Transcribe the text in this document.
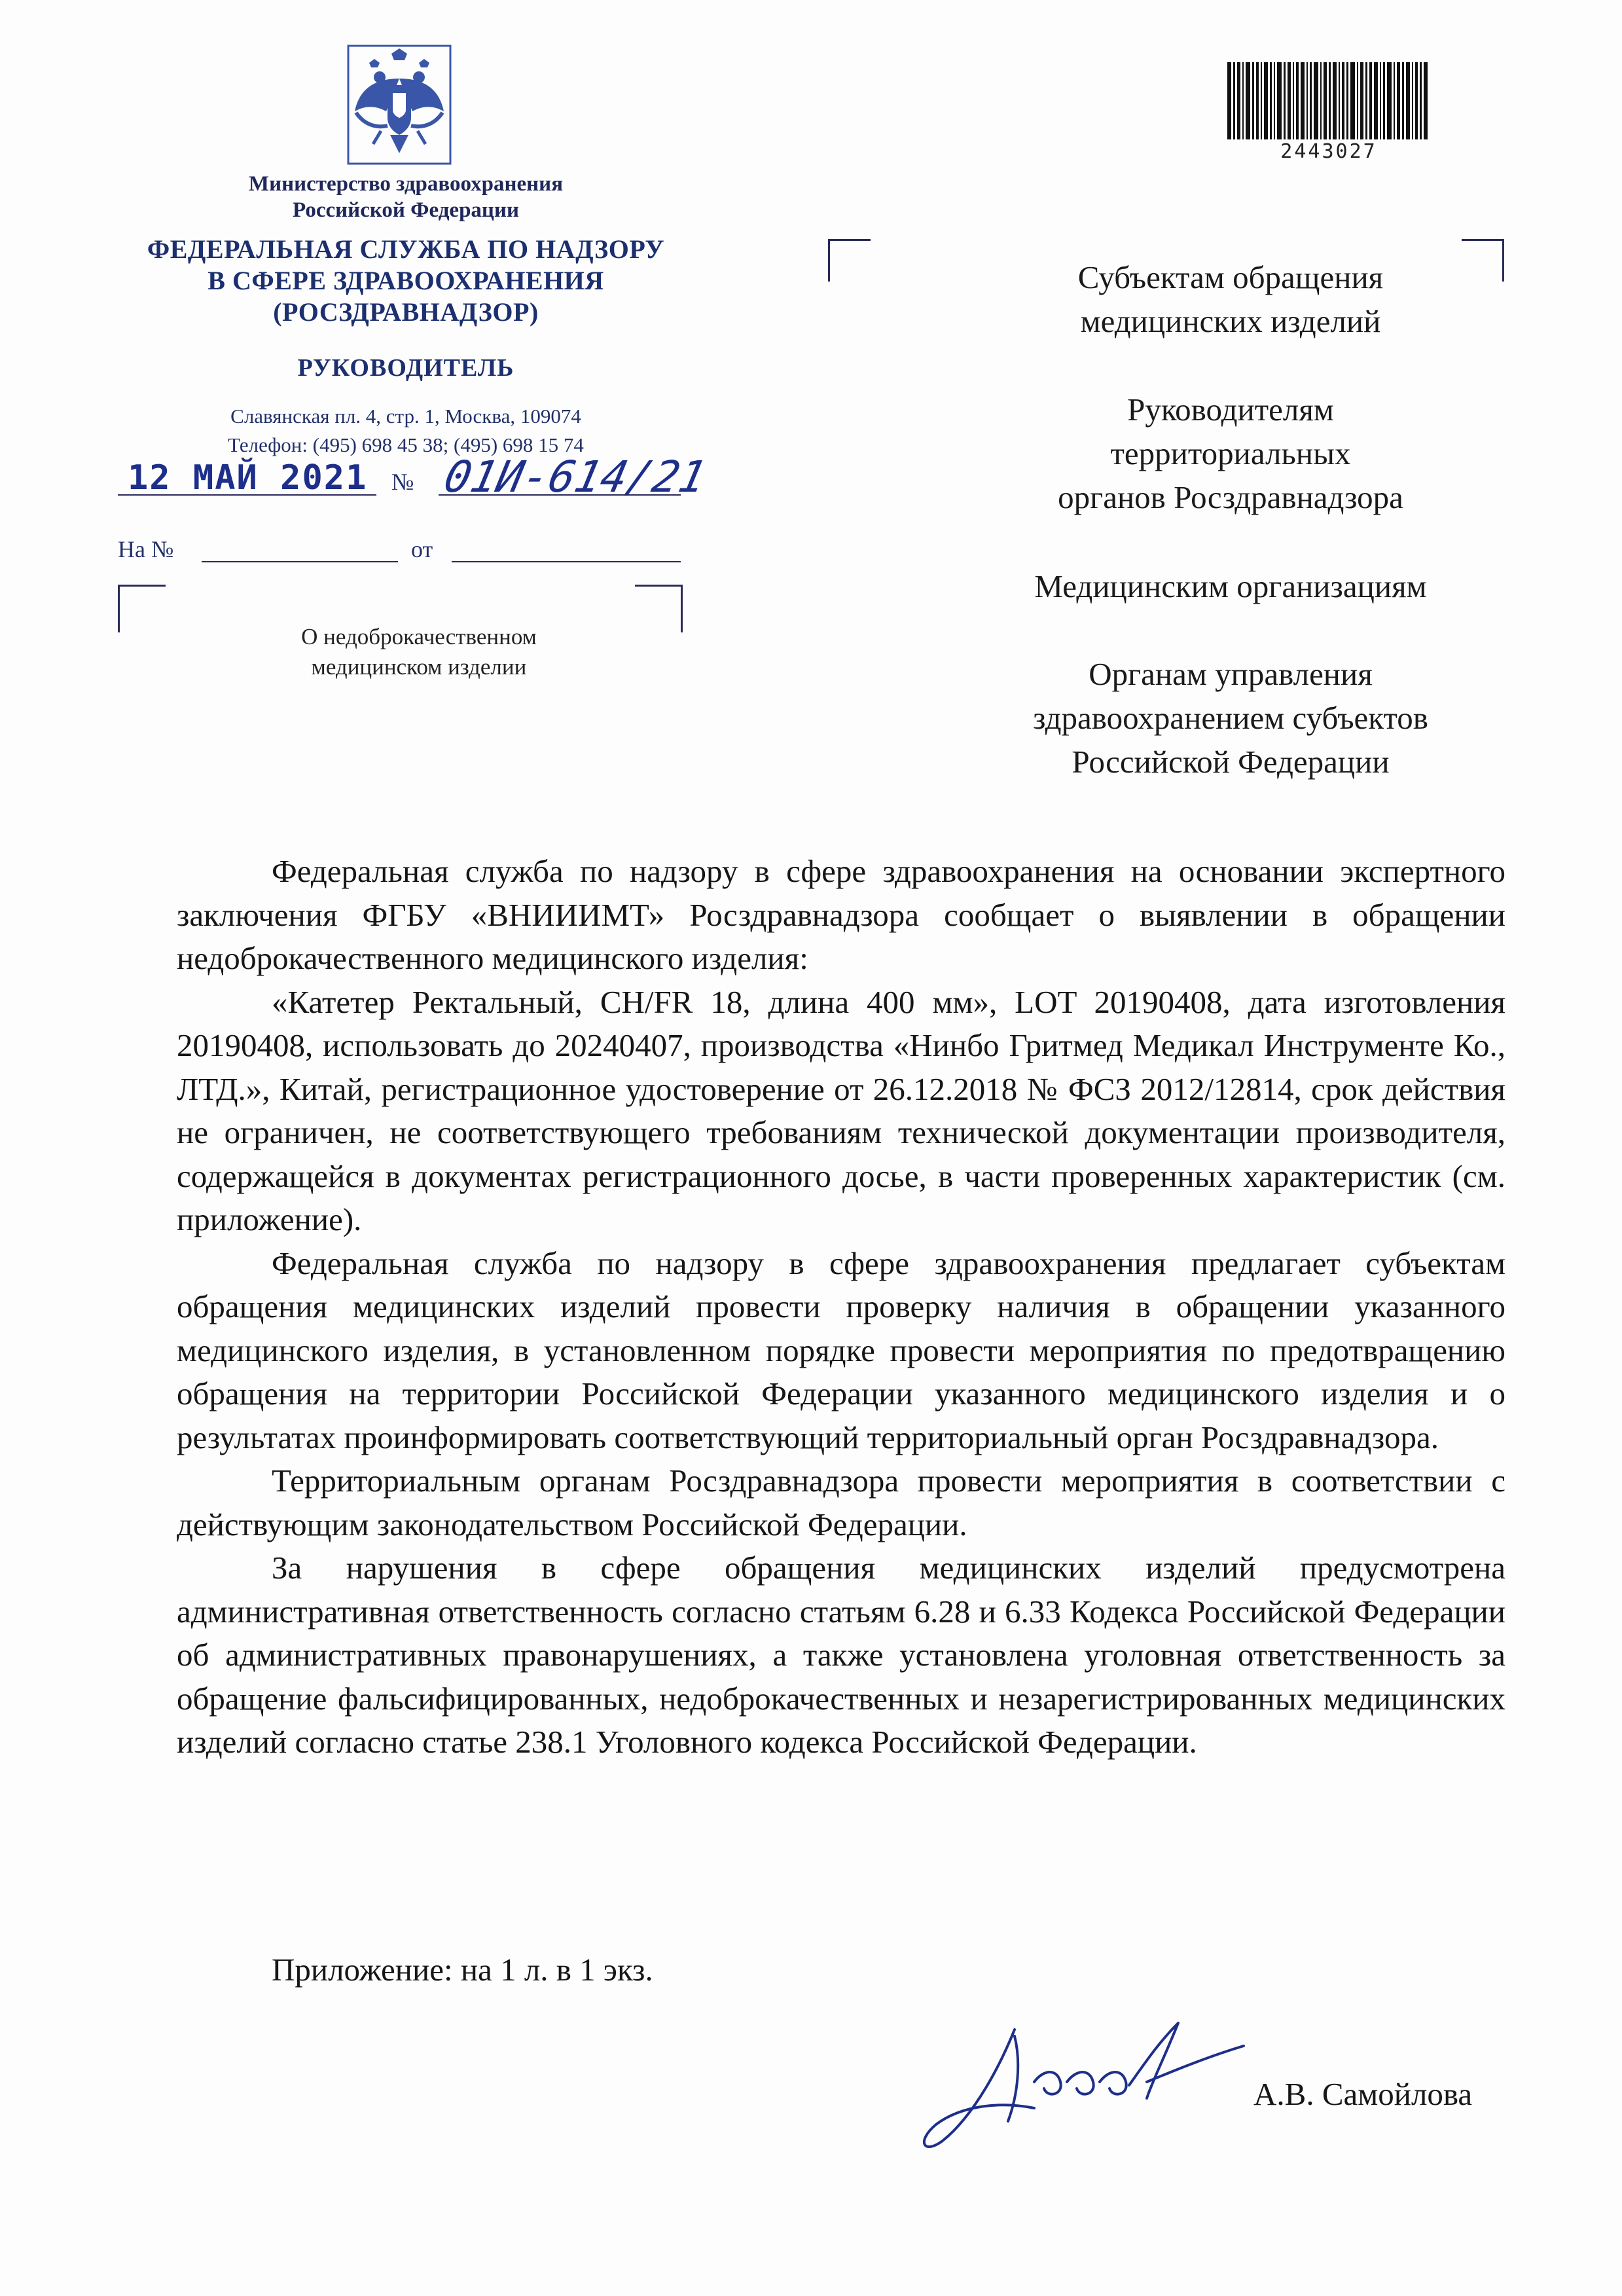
Министерство здравоохранения
Российской Федерации
ФЕДЕРАЛЬНАЯ СЛУЖБА ПО НАДЗОРУ
В СФЕРЕ ЗДРАВООХРАНЕНИЯ
(РОСЗДРАВНАДЗОР)
РУКОВОДИТЕЛЬ
Славянская пл. 4, стр. 1, Москва, 109074
Телефон: (495) 698 45 38; (495) 698 15 74
12 МАЙ 2021 № 01И-614/21
На №	от
О недоброкачественном
медицинском изделии
2443027
Субъектам обращения
медицинских изделий
Руководителям
территориальных
органов Росздравнадзора
Медицинским организациям
Органам управления
здравоохранением субъектов
Российской Федерации

Федеральная служба по надзору в сфере здравоохранения на основании экспертного заключения ФГБУ «ВНИИИМТ» Росздравнадзора сообщает о выявлении в обращении недоброкачественного медицинского изделия:

«Катетер Ректальный, CH/FR 18, длина 400 мм», LOT 20190408, дата изготовления 20190408, использовать до 20240407, производства «Нинбо Гритмед Медикал Инструменте Ко., ЛТД.», Китай, регистрационное удостоверение от 26.12.2018 № ФСЗ 2012/12814, срок действия не ограничен, не соответствующего требованиям технической документации производителя, содержащейся в документах регистрационного досье, в части проверенных характеристик (см. приложение).

Федеральная служба по надзору в сфере здравоохранения предлагает субъектам обращения медицинских изделий провести проверку наличия в обращении указанного медицинского изделия, в установленном порядке провести мероприятия по предотвращению обращения на территории Российской Федерации указанного медицинского изделия и о результатах проинформировать соответствующий территориальный орган Росздравнадзора.

Территориальным органам Росздравнадзора провести мероприятия в соответствии с действующим законодательством Российской Федерации.

За нарушения в сфере обращения медицинских изделий предусмотрена административная ответственность согласно статьям 6.28 и 6.33 Кодекса Российской Федерации об административных правонарушениях, а также установлена уголовная ответственность за обращение фальсифицированных, недоброкачественных и незарегистрированных медицинских изделий согласно статье 238.1 Уголовного кодекса Российской Федерации.

Приложение: на 1 л. в 1 экз.
А.В. Самойлова
